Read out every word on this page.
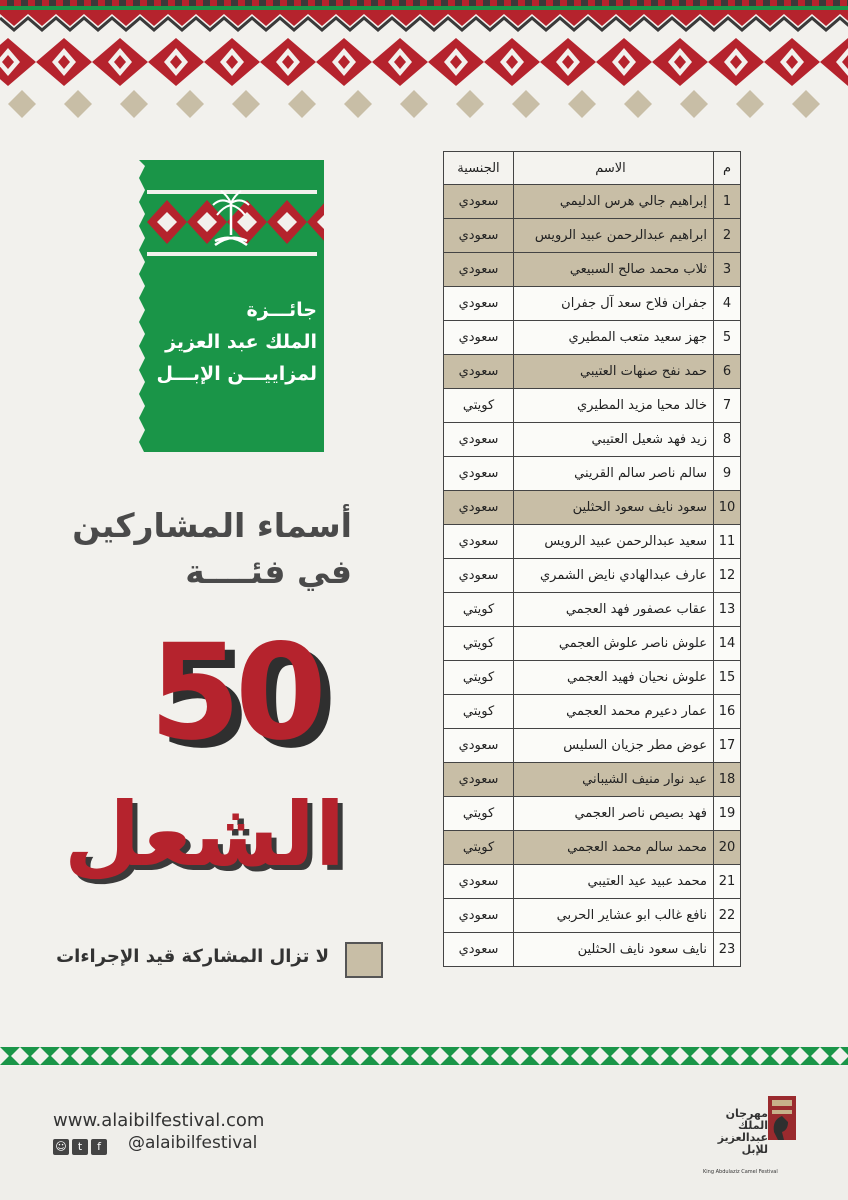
جائـــزة
الملك عبد العزيز
لمزاييـــن الإبـــل
أسماء المشاركين
في فئــــة
50
الشعل
لا تزال المشاركة قيد الإجراءات
م	الاسم	الجنسية
1	إبراهيم جالي هرس الدليمي	سعودي
2	ابراهيم عبدالرحمن عبيد الرويس	سعودي
3	ثلاب محمد صالح السبيعي	سعودي
4	جفران فلاح سعد آل جفران	سعودي
5	جهز سعيد متعب المطيري	سعودي
6	حمد نفح صنهات العتيبي	سعودي
7	خالد محيا مزيد المطيري	كويتي
8	زيد فهد شعيل العتيبي	سعودي
9	سالم ناصر سالم القريني	سعودي
10	سعود نايف سعود الحثلين	سعودي
11	سعيد عبدالرحمن عبيد الرويس	سعودي
12	عارف عبدالهادي نايض الشمري	سعودي
13	عقاب عصفور فهد العجمي	كويتي
14	علوش ناصر علوش العجمي	كويتي
15	علوش نحيان فهيد العجمي	كويتي
16	عمار دعيرم محمد العجمي	كويتي
17	عوض مطر جزيان السليس	سعودي
18	عيد نوار منيف الشيباني	سعودي
19	فهد بصيص ناصر العجمي	كويتي
20	محمد سالم محمد العجمي	كويتي
21	محمد عبيد عيد العتيبي	سعودي
22	نافع غالب ابو عشاير الحربي	سعودي
23	نايف سعود نايف الحثلين	سعودي
www.alaibilfestival.com
☺ t f	@alaibilfestival
مهرجان
الملك
عبدالعزيز
للإبل
King Abdulaziz Camel Festival
